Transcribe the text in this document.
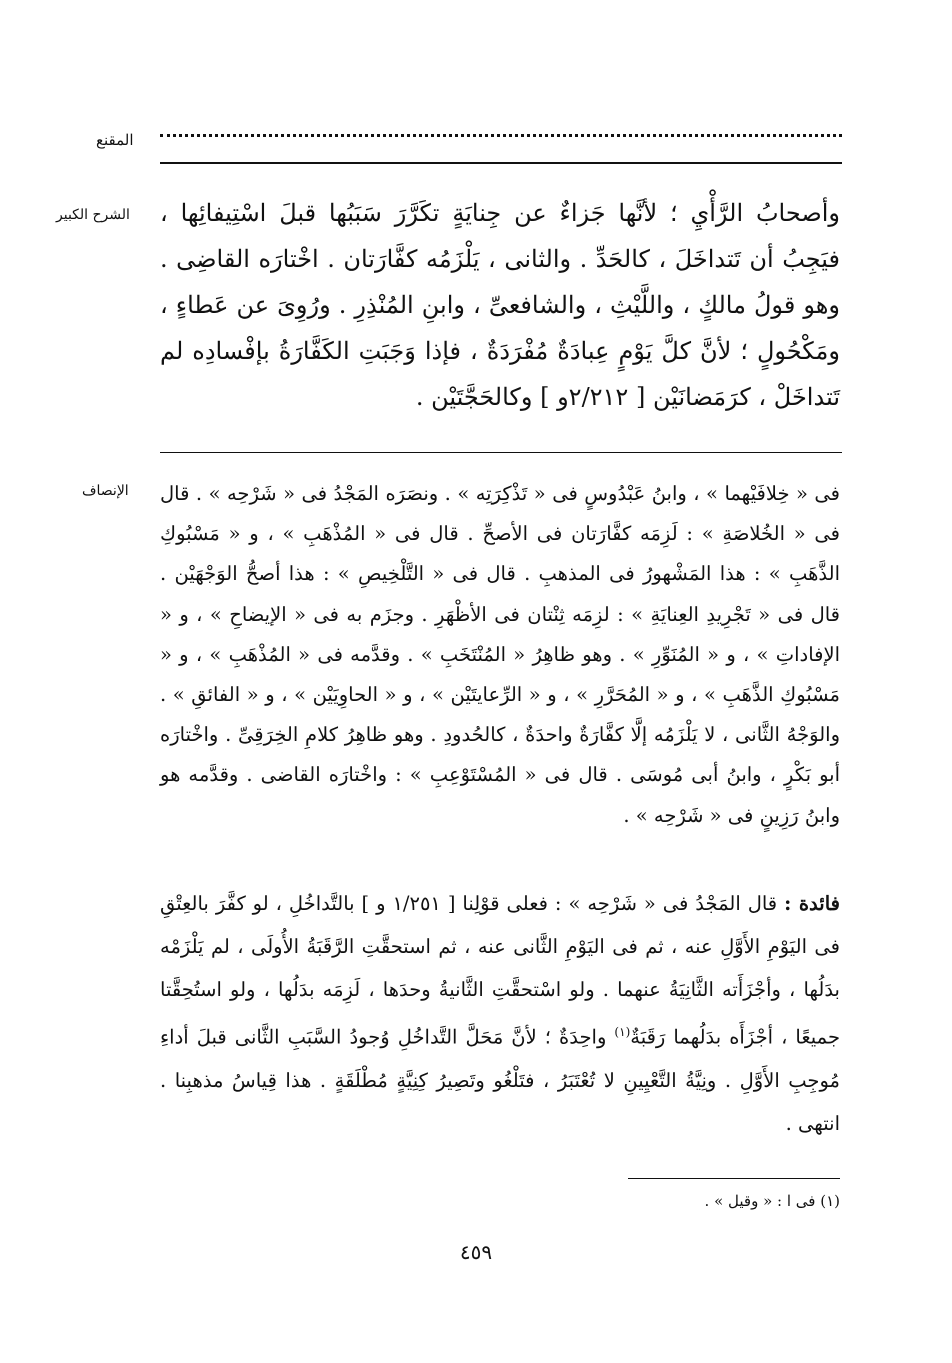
المقنع
الشرح الكبير وأصحابُ الرَّأْيِ ؛ لأنَّها جَزاءٌ عن جِنايَةٍ تكَرَّرَ سَبَبُها قبلَ اسْتِيفائِها ، فيَجِبُ أن تَتداخَلَ ، كالحَدِّ . والثانى ، يَلْزَمُه كفَّارَتان . اخْتارَه القاضِى . وهو قولُ مالكٍ ، واللَّيْثِ ، والشافعىِّ ، وابنِ المُنْذِرِ . ورُوِىَ عن عَطاءٍ ، ومَكْحُولٍ ؛ لأنَّ كلَّ يَوْمٍ عِبادَةٌ مُفْرَدَةٌ ، فإذا وَجَبَتِ الكَفَّارَةُ بإفْسادِه لم تَتداخَلْ ، كرَمَضانَيْن [ ٢/٢١٢و ] وكالحَجَّتَيْن .

الإنصاف فى « خِلافَيْهما » ، وابنُ عَبْدُوسٍ فى « تَذْكِرَتِه » . ونصَرَه المَجْدُ فى « شَرْحِه » . قال فى « الخُلاصَةِ » : لَزِمَه كفَّارَتان فى الأصحِّ . قال فى « المُذْهَبِ » ، و « مَسْبُوكِ الذَّهَبِ » : هذا المَشْهورُ فى المذهبِ . قال فى « التَّلْخِيصِ » : هذا أصحُّ الوَجْهَيْن . قال فى « تَجْرِيدِ العِنايَةِ » : لزِمَه ثِنْتان فى الأظْهَرِ . وجزَم به فى « الإيضاحِ » ، و « الإفاداتِ » ، و « المُنَوِّرِ » . وهو ظاهِرُ « المُنْتَخَبِ » . وقدَّمه فى « المُذْهَبِ » ، و « مَسْبُوكِ الذَّهَبِ » ، و « المُحَرَّرِ » ، و « الرِّعايتَيْن » ، و « الحاوِيَيْن » ، و « الفائقِ » . والوَجْهُ الثَّانى ، لا يَلْزَمُه إلَّا كفَّارَةٌ واحدَةٌ ، كالحُدودِ . وهو ظاهِرُ كلامِ الخِرَقِىِّ . واخْتارَه أبو بَكْرٍ ، وابنُ أبى مُوسَى . قال فى « المُسْتَوْعِبِ » : واخْتارَه القاضى . وقدَّمه هو وابنُ رَزِينٍ فى « شَرْحِه » .

فائدة : قال المَجْدُ فى « شَرْحِه » : فعلى قوْلِنا [ ١/٢٥١ و ] بالتَّداخُلِ ، لو كفَّرَ بالعِتْقِ فى اليَوْمِ الأَوَّلِ عنه ، ثم فى اليَوْمِ الثَّانى عنه ، ثم استحقَّتِ الرَّقَبَةُ الأُولَى ، لم يَلْزَمْه بدَلُها ، وأجْزَأَته الثَّانِيَةُ عنهما . ولو اسْتحقَّتِ الثَّانيةُ وحدَها ، لَزِمَه بدَلُها ، ولو استُحِقَّتا جميعًا ، أجْزَأَه بدَلُهما رَقَبَةٌ$^{(١)}$ واحِدَةٌ ؛ لأنَّ مَحَلَّ التَّداخُلِ وُجودُ السَّبَبِ الثَّانى قبلَ أداءِ مُوجِبِ الأَوَّلِ . ونِيَّةُ التَّعْيِينِ لا تُعْتَبَرُ ، فتَلْغُو وتَصِيرُ كِنِيَّةٍ مُطْلَقَةٍ . هذا قِياسُ مذهبِنا . انتهى .

(١) فى ا : « وقيل » .
٤٥٩
